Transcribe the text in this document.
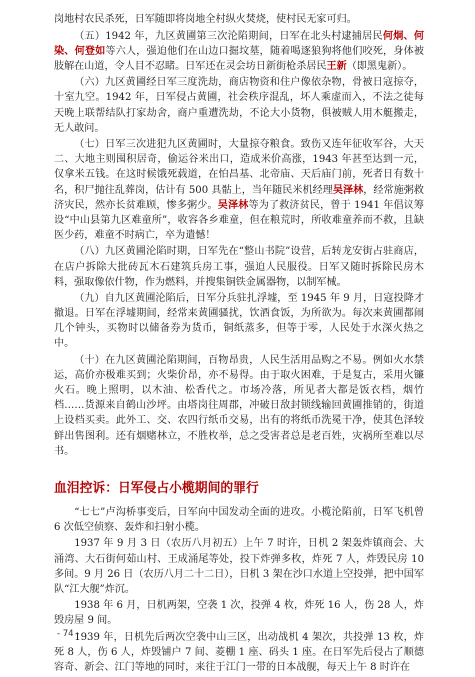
岗地村农民杀死，日军随即将岗地全村纵火焚烧，使村民无家可归。

（五）1942 年，九区黄圃第三次沦陷期间，日军在北头村逮捕居民何炯、何染、何登如等六人，强迫他们在山边口掘坟墓，随着喝逐狼狗将他们咬死，身体被肢解在山道，令人目不忍睹。日军还在灵会坊日新街枪杀居民王新（即黑鬼新）。

（六）九区黄圃经日军三度洗劫，商店物资和住户像依杂物，骨被日寇掠夺，十室九空。1942 年，日军侵占黄圃，社会秩序混乱，坏人乘虚而入，不法之徒每天晚上联帮结队打家劫舍，商户重遭洗劫，不论大小货物，俱被贼人用木艇搬走，无人敢问。

（七）日军三次进犯九区黄圃时，大量掠夺粮食。致伤又连年征收军谷，大天二、大地主则囤积居奇，偷运谷米出口，造成米价高涨，1943 年甚至达到一元，仅拿米五钱。在这时候饿死载道，在怕昌基、北帝庙、天后庙门前，死者日有数十名，积尸抛往乱葬岗，估计有 500 具骷上，当年随民米机经理吴泽林，经常施粥救济灾民，然亦长贫难顾，惨多粥少。吴泽林等为了救济贫民，曾于 1941 年倡议筹设“中山县第九区难童所”，收容各乡难童，但在粮荒时，所收难童养而不救，且缺医少药，难童不时病亡，卒为遣憾！

（八）九区黄圃沦陷时期，日军先在“整山书院”设营，后转龙安街占驻商店，在店户拆除大批砖瓦木石建筑兵房工事，强迫人民服役。日军又随时拆除民房木料，强取像依什物，作为燃料，并搜集铜铁金属器物，以制军械。

（九）自九区黄圃沦陷后，日军分兵驻扎浮墟，至 1945 年 9 月，日寇投降才撤退。日军在浮墟期间，经常来黄圃骚扰，饮酒食饭，为所欲为。每次来黄圃都闹几个钟头，买物时以储备券为货币，铜纸蒸多，但等于零，人民处于水深火热之中。

（十）在九区黄圃沦陷期间，百物昂贵，人民生活用品购之不易。例如火水禁运，高价亦极难买到；火柴价昂，亦不易得。由于取火困难，于是复古，采用火镰火石。晚上照明，以木油、松香代之。市场冷落，所见者大都是饭衣档，烟竹档……货源来自鹤山沙坪。由塔岗往周郡，冲破日敌封锁线输回黄圃推销的，街道上设档买卖。此外工、交、农四行纸币交易，出有的将纸币洗冕干净，使其色泽较鲜出售图利。还有烟赌林立，不胜枚举，总之受害者总是老百姓，灾祸所至难以尽书。

血泪控诉：日军侵占小榄期间的罪行

“七七”卢沟桥事变后，日军向中国发动全面的进攻。小榄沦陷前，日军飞机曾 6 次低空侦察、轰炸和扫射小榄。

1937 年 9 月 3 日（农历八月初五）上午 7 时许，日机 2 架轰炸镇商会、大涌湾、大石街何茹山村、王成涌尾等处，投下炸弹多枚，炸死 7 人，炸毁民房 10 多间。9 月 26 日（农历八月二十二日），日机 3 架在沙口水道上空投弹，把中国军队“江大舰”炸沉。

1938 年 6 月，日机两架，空袭 1 次，投弹 4 枚，炸死 16 人，伤 28 人，炸毁房屋 9 间。

1939 年，日机先后两次空袭中山三区，出动战机 4 架次，共投弹 13 枚，炸死 8 人，伤 6 人，炸毁铺户 7 间、菱棚 1 座、码头 1 座。在日军先后侵占了顺德容奇、新会、江门等地的同时，来往于江门一带的日本战舰，每天上午 8 时许在

- 74 -
